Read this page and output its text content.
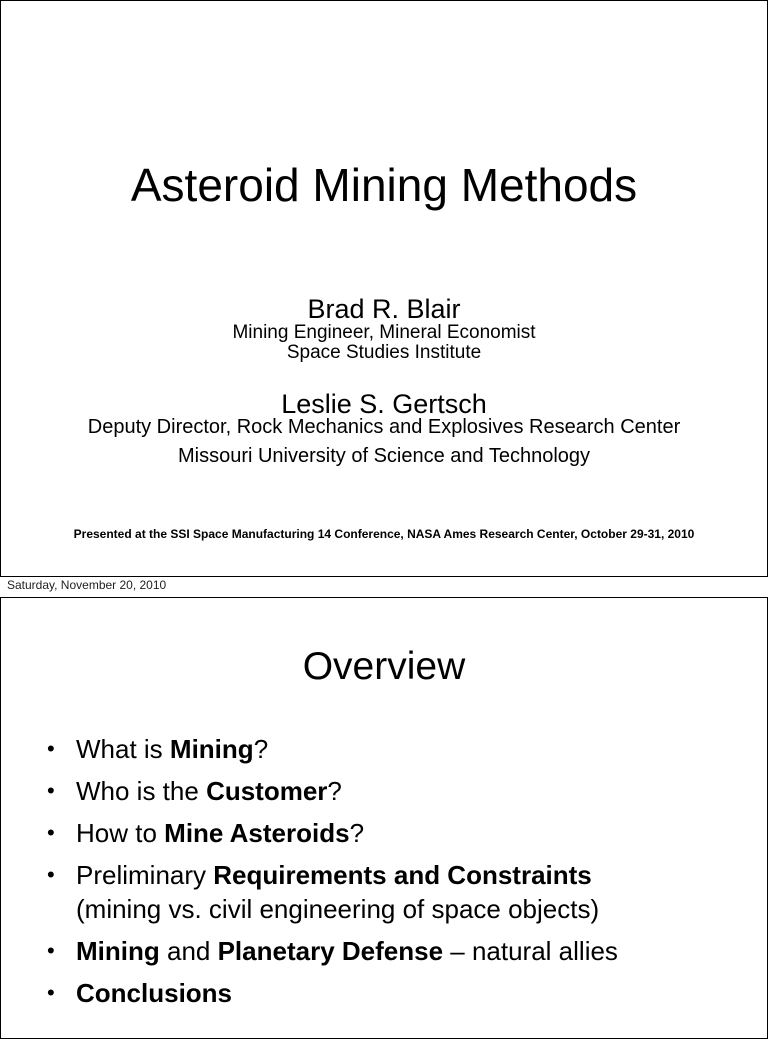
Asteroid Mining Methods
Brad R. Blair
Mining Engineer, Mineral Economist
Space Studies Institute
Leslie S. Gertsch
Deputy Director, Rock Mechanics and Explosives Research Center
Missouri University of Science and Technology
Presented at the SSI Space Manufacturing 14 Conference, NASA Ames Research Center, October 29-31, 2010
Saturday, November 20, 2010
Overview
• What is Mining?
• Who is the Customer?
• How to Mine Asteroids?
• Preliminary Requirements and Constraints
(mining vs. civil engineering of space objects)
• Mining and Planetary Defense – natural allies
• Conclusions
